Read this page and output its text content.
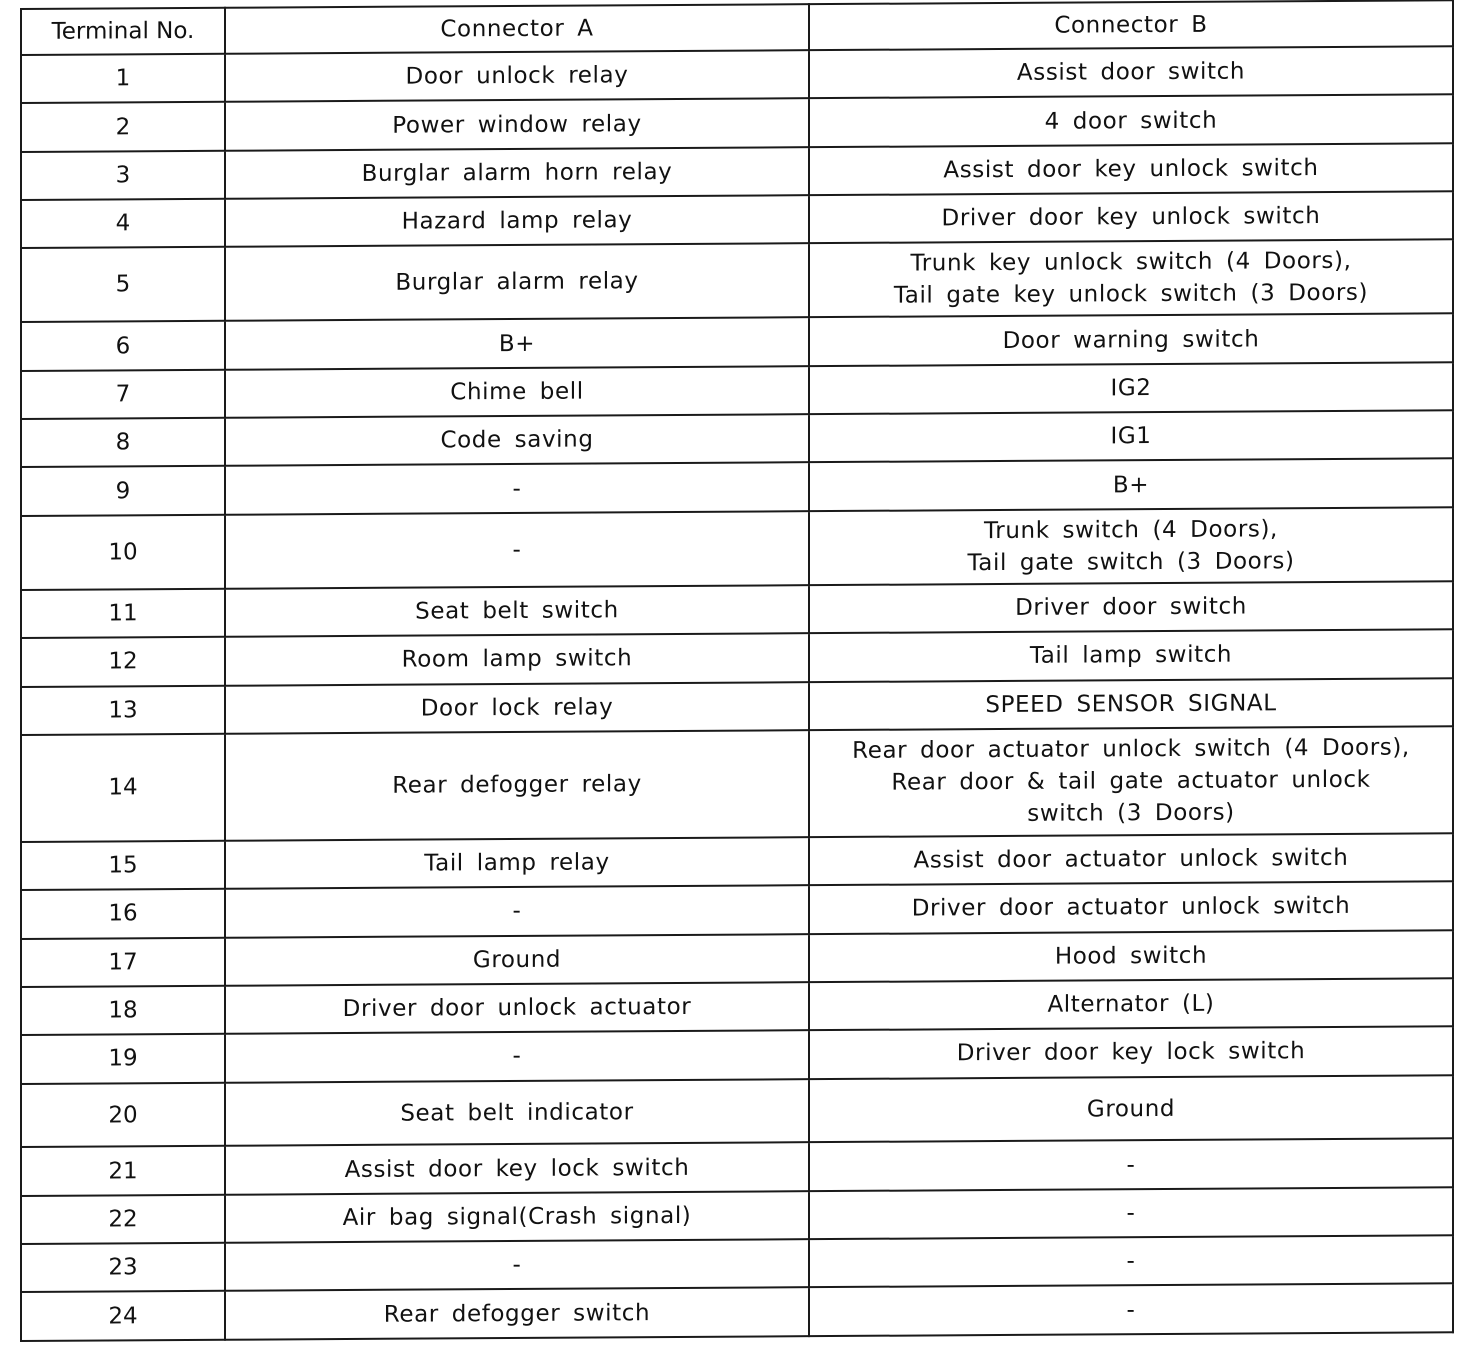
Terminal No.	Connector A	Connector B
1	Door unlock relay	Assist door switch

2	Power window relay	4 door switch

3	Burglar alarm horn relay	Assist door key unlock switch

4	Hazard lamp relay	Driver door key unlock switch

5	Burglar alarm relay	Trunk key unlock switch (4 Doors),
Tail gate key unlock switch (3 Doors)

6	B+	Door warning switch

7	Chime bell	IG2

8	Code saving	IG1

9	-	B+

10	-	Trunk switch (4 Doors),
Tail gate switch (3 Doors)

11	Seat belt switch	Driver door switch

12	Room lamp switch	Tail lamp switch

13	Door lock relay	SPEED SENSOR SIGNAL

14	Rear defogger relay	Rear door actuator unlock switch (4 Doors),
Rear door & tail gate actuator unlock
switch (3 Doors)

15	Tail lamp relay	Assist door actuator unlock switch

16	-	Driver door actuator unlock switch

17	Ground	Hood switch

18	Driver door unlock actuator	Alternator (L)

19	-	Driver door key lock switch

20	Seat belt indicator	Ground

21	Assist door key lock switch	-

22	Air bag signal(Crash signal)	-

23	-	-

24	Rear defogger switch	-
